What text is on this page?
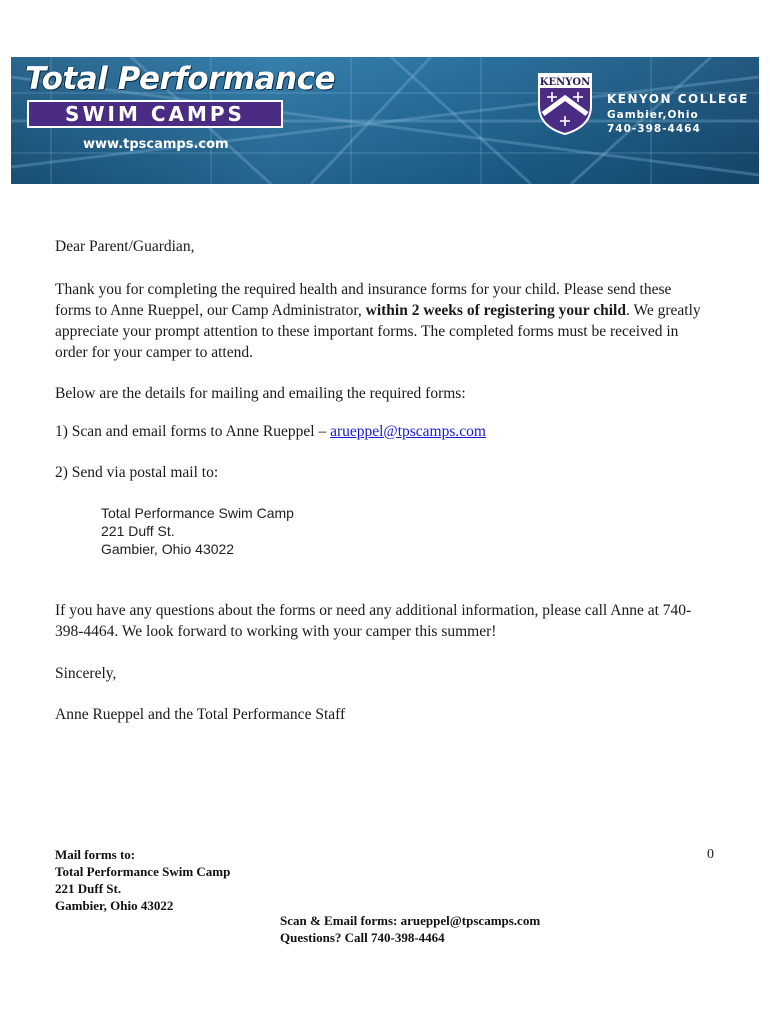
Total Performance
SWIM CAMPS
www.tpscamps.com
KENYON
KENYON COLLEGE
Gambier,Ohio
740-398-4464

Dear Parent/Guardian,

Thank you for completing the required health and insurance forms for your child. Please send these forms to Anne Rueppel, our Camp Administrator, within 2 weeks of registering your child. We greatly appreciate your prompt attention to these important forms. The completed forms must be received in order for your camper to attend.

Below are the details for mailing and emailing the required forms:

1) Scan and email forms to Anne Rueppel – arueppel@tpscamps.com

2) Send via postal mail to:

Total Performance Swim Camp
221 Duff St.
Gambier, Ohio 43022

If you have any questions about the forms or need any additional information, please call Anne at 740-398-4464. We look forward to working with your camper this summer!

Sincerely,

Anne Rueppel and the Total Performance Staff

Mail forms to:
Total Performance Swim Camp
221 Duff St.
Gambier, Ohio 43022
0
Scan & Email forms: arueppel@tpscamps.com
Questions? Call 740-398-4464
